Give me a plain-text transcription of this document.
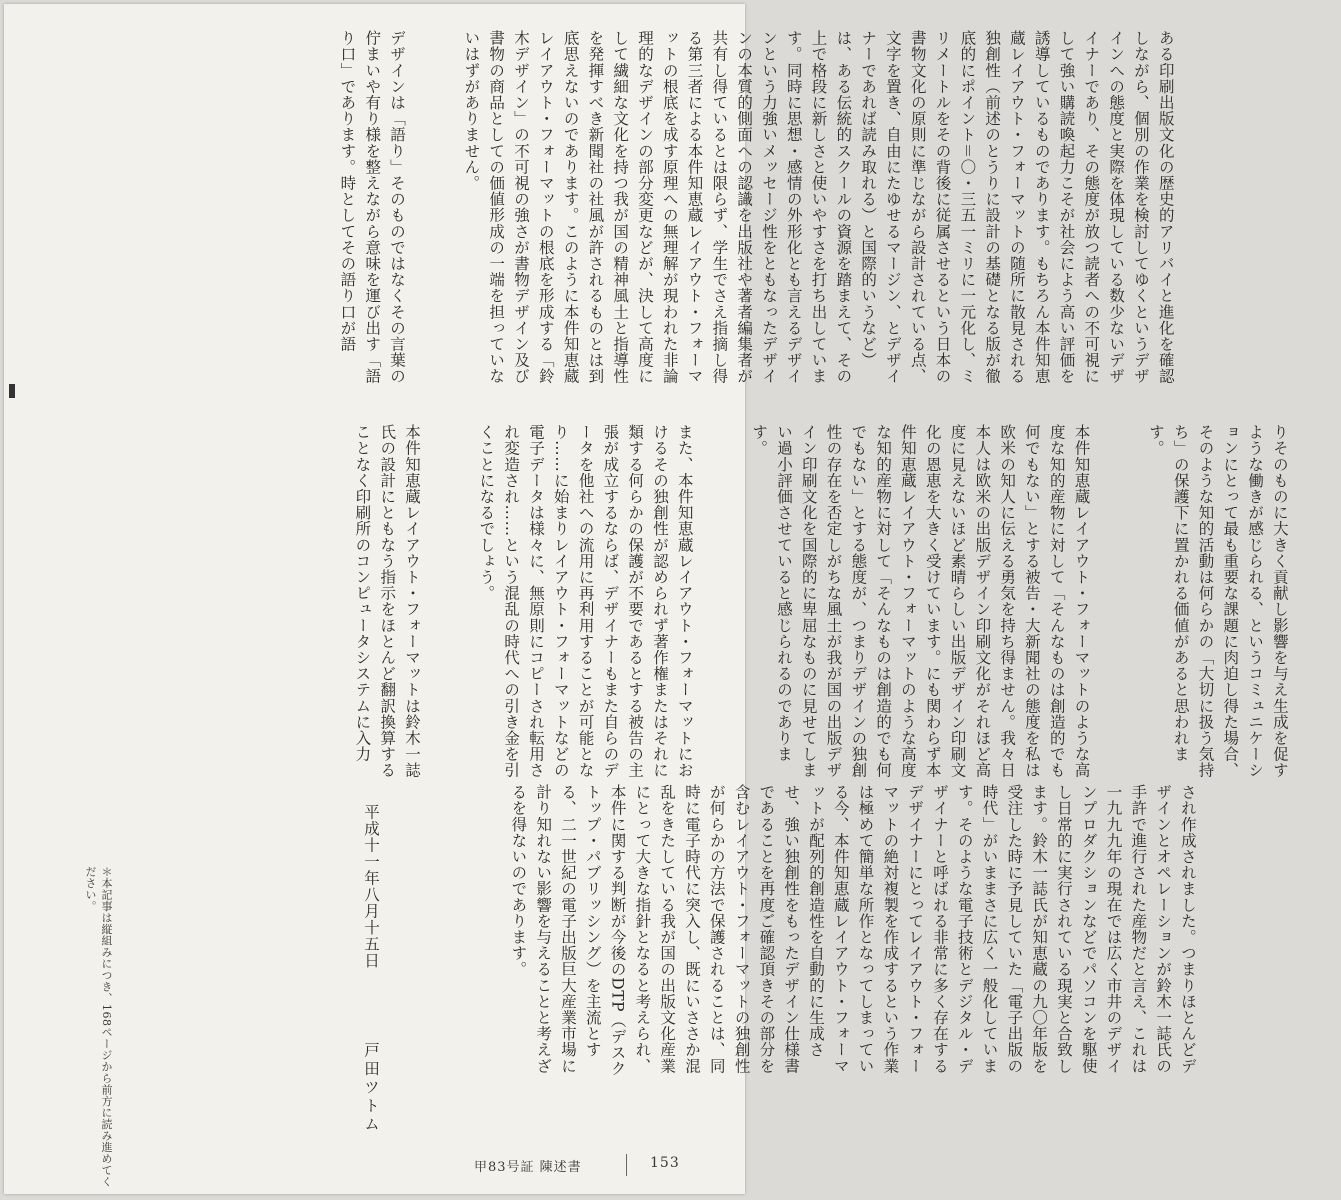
ある印刷出版文化の歴史的アリバイと進化を確認しながら、個別の作業を検討してゆくというデザインへの態度と実際を体現している数少ないデザイナーであり、その態度が放つ読者への不可視にして強い購読喚起力こそが社会によう高い評価を誘導しているものであります。もちろん本件知恵蔵レイアウト・フォーマットの随所に散見される独創性（前述のとうりに設計の基礎となる版が徹底的にポイント＝〇・三五一ミリに一元化し、ミリメートルをその背後に従属させるという日本の書物文化の原則に準じながら設計されている点、文字を置き、自由にたゆせるマージン、とデザイナーであれば読み取れる）と国際的いうなど）は、ある伝統的スクールの資源を踏まえて、その上で格段に新しさと使いやすさを打ち出しています。同時に思想・感情の外形化とも言えるデザインという力強いメッセージ性をともなったデザインの本質的側面への認識を出版社や著者編集者が共有し得ているとは限らず、学生でさえ指摘し得る第三者による本件知恵蔵レイアウト・フォーマットの根底を成す原理への無理解が現われた非論理的なデザインの部分変更などが、決して高度にして繊細な文化を持つ我が国の精神風土と指導性を発揮すべき新聞社の社風が許されるものとは到底思えないのであります。このように本件知恵蔵レイアウト・フォーマットの根底を形成する「鈴木デザイン」の不可視の強さが書物デザイン及び書物の商品としての価値形成の一端を担っていないはずがありません。

デザインは「語り」そのものではなくその言葉の佇まいや有り様を整えながら意味を運び出す「語り口」であります。時としてその語り口が語

され作成されました。つまりほとんどデザインとオペレーションが鈴木一誌氏の手許で進行された産物だと言え、これは一九九九年の現在では広く市井のデザインプロダクションなどでパソコンを駆使し日常的に実行されている現実と合致します。鈴木一誌氏が知恵蔵の九〇年版を受注した時に予見していた「電子出版の時代」がいままさに広く一般化しています。そのような電子技術とデジタル・デザイナーと呼ばれる非常に多く存在するデザイナーにとってレイアウト・フォーマットの絶対複製を作成するという作業は極めて簡単な所作となってしまっている今、本件知恵蔵レイアウト・フォーマットが配列的創造性を自動的に生成させ、強い独創性をもったデザイン仕様書であることを再度ご確認頂きその部分を含むレイアウト・フォーマットの独創性が何らかの方法で保護されることは、同時に電子時代に突入し、既にいささか混乱をきたしている我が国の出版文化産業にとって大きな指針となると考えられ、本件に関する判断が今後のDTP（デスクトップ・パブリッシング）を主流とする、二一世紀の電子出版巨大産業市場に計り知れない影響を与えることと考えざるを得ないのであります。

りそのものに大きく貢献し影響を与え生成を促すような働きが感じられる、というコミュニケーションにとって最も重要な課題に肉迫し得た場合、そのような知的活動は何らかの「大切に扱う気持ち」の保護下に置かれる価値があると思われます。

本件知恵蔵レイアウト・フォーマットのような高度な知的産物に対して「そんなものは創造的でも何でもない」とする被告・大新聞社の態度を私は欧米の知人に伝える勇気を持ち得ません。我々日本人は欧米の出版デザイン印刷文化がそれほど高度に見えないほど素晴らしい出版デザイン印刷文化の恩恵を大きく受けています。にも関わらず本件知恵蔵レイアウト・フォーマットのような高度な知的産物に対して「そんなものは創造的でも何でもない」とする態度が、つまりデザインの独創性の存在を否定しがちな風土が我が国の出版デザイン印刷文化を国際的に卑屈なものに見せてしまい過小評価させていると感じられるのであります。

また、本件知恵蔵レイアウト・フォーマットにおけるその独創性が認められず著作権またはそれに類する何らかの保護が不要であるとする被告の主張が成立するならば、デザイナーもまた自らのデータを他社への流用に再利用することが可能となり……に始まりレイアウト・フォーマットなどの電子データは様々に、無原則にコピーされ転用され変造され……という混乱の時代への引き金を引くことになるでしょう。

本件知恵蔵レイアウト・フォーマットは鈴木一誌氏の設計にともなう指示をほとんど翻訳換算することなく印刷所のコンピュータシステムに入力

平成十一年八月十五日
戸田ツトム
＊本記事は縦組みにつき、168ページから前方に読み進めてください。
甲83号証 陳述書	153
